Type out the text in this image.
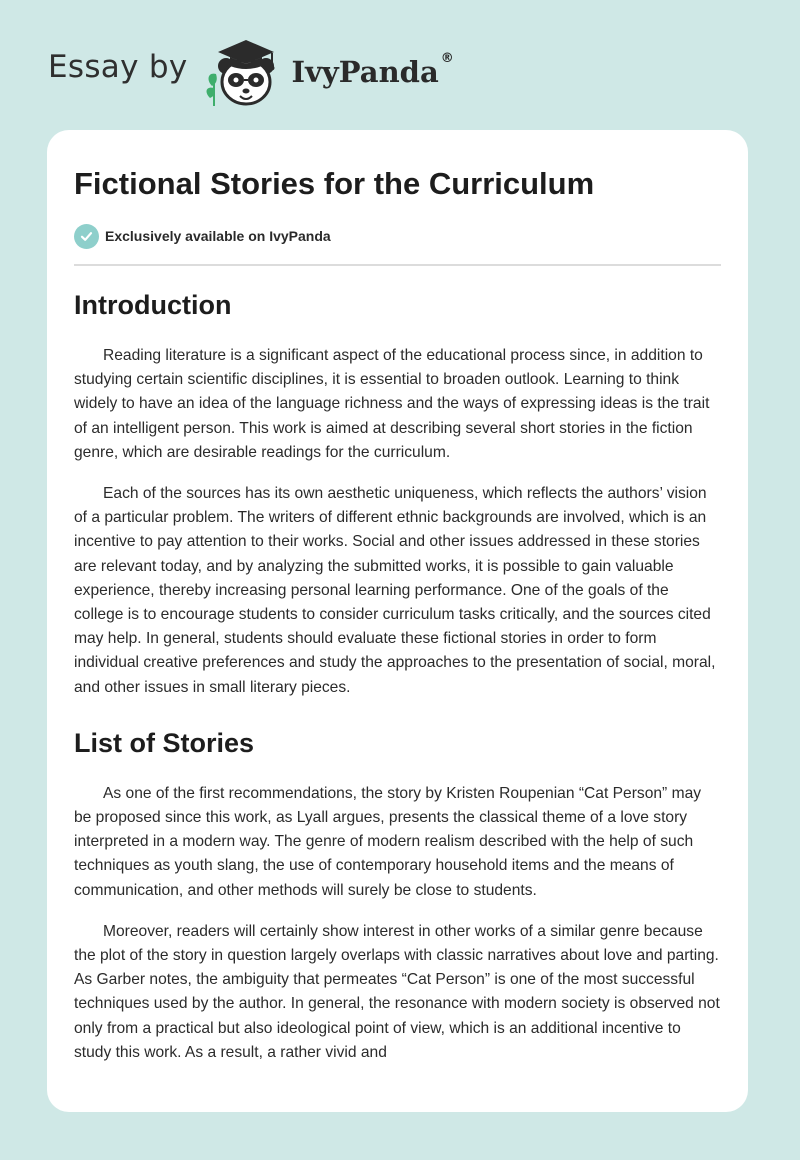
Essay by	IvyPanda ®
Fictional Stories for the Curriculum
Exclusively available on IvyPanda
Introduction

Reading literature is a significant aspect of the educational process since, in addition to studying certain scientific disciplines, it is essential to broaden outlook. Learning to think widely to have an idea of the language richness and the ways of expressing ideas is the trait of an intelligent person. This work is aimed at describing several short stories in the fiction genre, which are desirable readings for the curriculum.

Each of the sources has its own aesthetic uniqueness, which reflects the authors’ vision of a particular problem. The writers of different ethnic backgrounds are involved, which is an incentive to pay attention to their works. Social and other issues addressed in these stories are relevant today, and by analyzing the submitted works, it is possible to gain valuable experience, thereby increasing personal learning performance. One of the goals of the college is to encourage students to consider curriculum tasks critically, and the sources cited may help. In general, students should evaluate these fictional stories in order to form individual creative preferences and study the approaches to the presentation of social, moral, and other issues in small literary pieces.

List of Stories

As one of the first recommendations, the story by Kristen Roupenian “Cat Person” may be proposed since this work, as Lyall argues, presents the classical theme of a love story interpreted in a modern way. The genre of modern realism described with the help of such techniques as youth slang, the use of contemporary household items and the means of communication, and other methods will surely be close to students.

Moreover, readers will certainly show interest in other works of a similar genre because the plot of the story in question largely overlaps with classic narratives about love and parting. As Garber notes, the ambiguity that permeates “Cat Person” is one of the most successful techniques used by the author. In general, the resonance with modern society is observed not only from a practical but also ideological point of view, which is an additional incentive to study this work. As a result, a rather vivid and
